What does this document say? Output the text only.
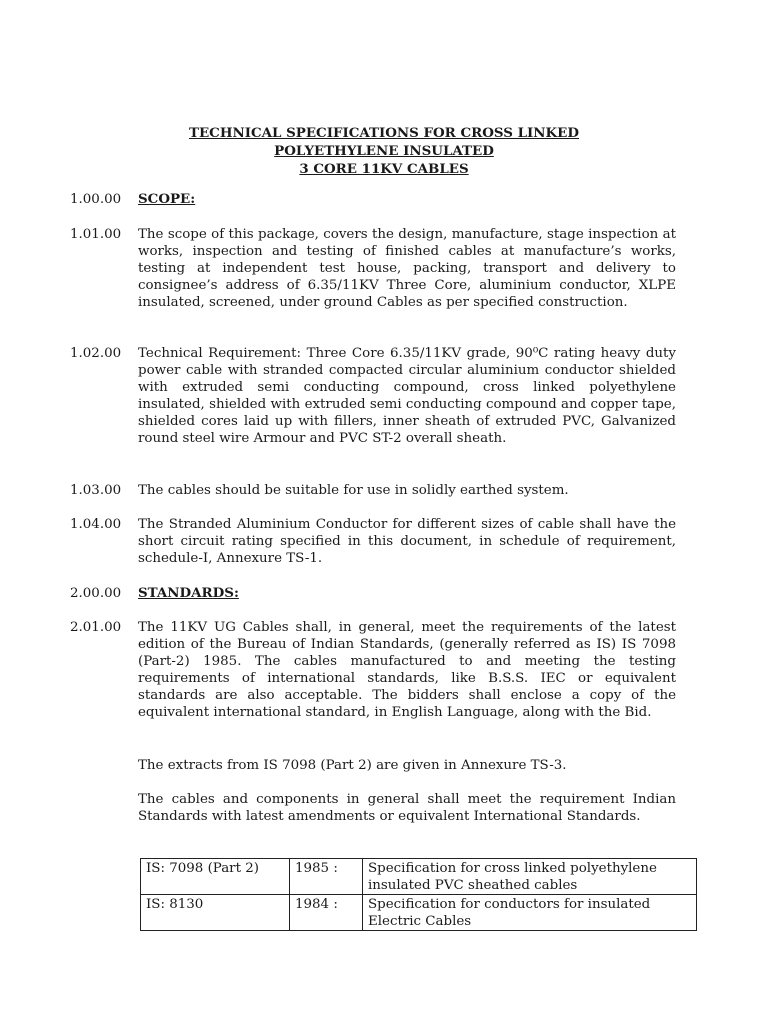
TECHNICAL SPECIFICATIONS FOR CROSS LINKED
POLYETHYLENE INSULATED
3 CORE 11KV CABLES
1.00.00	SCOPE:
1.01.00	The scope of this package, covers the design, manufacture, stage inspection at works, inspection and testing of finished cables at manufacture’s works, testing at independent test house, packing, transport and delivery to consignee’s address of 6.35/11KV Three Core, aluminium conductor, XLPE insulated, screened, under ground Cables as per specified construction.

1.02.00	Technical Requirement: Three Core 6.35/11KV grade, 90⁰C rating heavy duty power cable with stranded compacted circular aluminium conductor shielded with extruded semi conducting compound, cross linked polyethylene insulated, shielded with extruded semi conducting compound and copper tape, shielded cores laid up with fillers, inner sheath of extruded PVC, Galvanized round steel wire Armour and PVC ST-2 overall sheath.

1.03.00	The cables should be suitable for use in solidly earthed system.

1.04.00	The Stranded Aluminium Conductor for different sizes of cable shall have the short circuit rating specified in this document, in schedule of requirement, schedule-I, Annexure TS-1.

2.00.00	STANDARDS:
2.01.00	The 11KV UG Cables shall, in general, meet the requirements of the latest edition of the Bureau of Indian Standards, (generally referred as IS) IS 7098 (Part-2) 1985. The cables manufactured to and meeting the testing requirements of international standards, like B.S.S. IEC or equivalent standards are also acceptable. The bidders shall enclose a copy of the equivalent international standard, in English Language, along with the Bid.

The extracts from IS 7098 (Part 2) are given in Annexure TS-3.

The cables and components in general shall meet the requirement Indian Standards with latest amendments or equivalent International Standards.

IS: 7098 (Part 2)	1985 :	Specification for cross linked polyethylene insulated PVC sheathed cables
IS: 8130	1984 :	Specification for conductors for insulated Electric Cables
